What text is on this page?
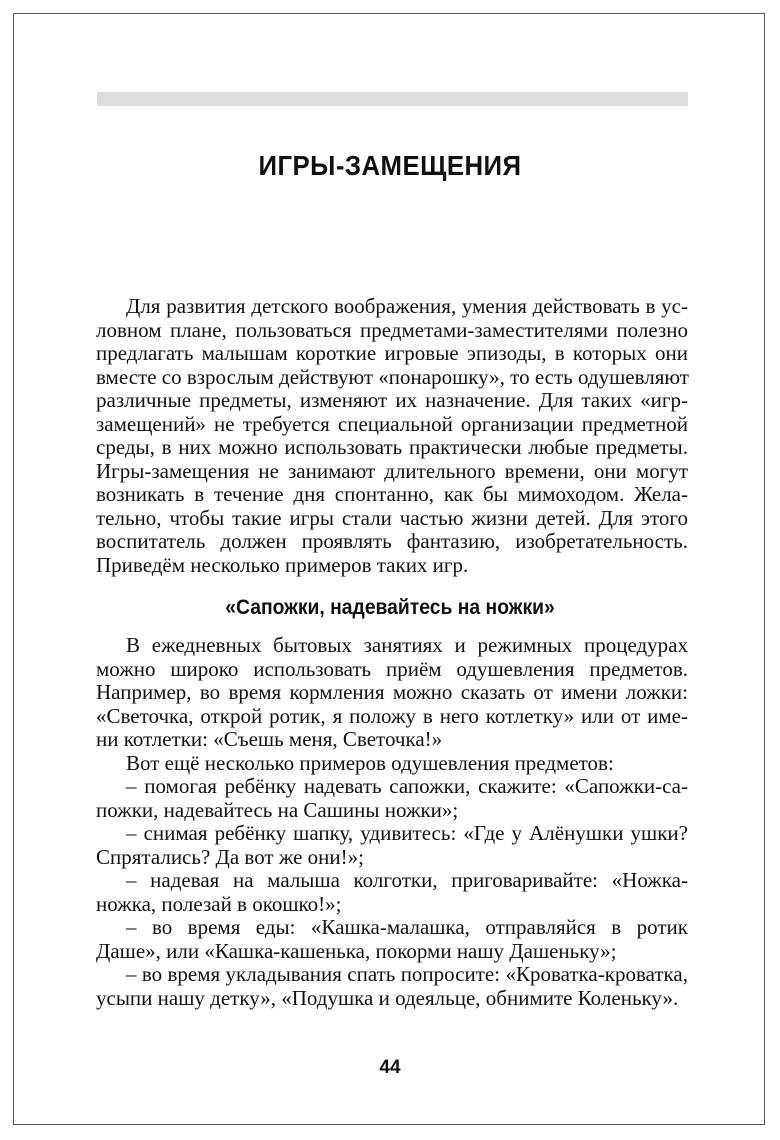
ИГРЫ-ЗАМЕЩЕНИЯ
Для развития детского воображения, умения действовать в ус-
ловном плане, пользоваться предметами-заместителями полезно
предлагать малышам короткие игровые эпизоды, в которых они
вместе со взрослым действуют «понарошку», то есть одушевляют
различные предметы, изменяют их назначение. Для таких «игр-
замещений» не требуется специальной организации предметной
среды, в них можно использовать практически любые предметы.
Игры-замещения не занимают длительного времени, они могут
возникать в течение дня спонтанно, как бы мимоходом. Жела-
тельно, чтобы такие игры стали частью жизни детей. Для этого
воспитатель должен проявлять фантазию, изобретательность.
Приведём несколько примеров таких игр.
«Сапожки, надевайтесь на ножки»
В ежедневных бытовых занятиях и режимных процедурах
можно широко использовать приём одушевления предметов.
Например, во время кормления можно сказать от имени ложки:
«Светочка, открой ротик, я положу в него котлетку» или от име-
ни котлетки: «Съешь меня, Светочка!»
Вот ещё несколько примеров одушевления предметов:
– помогая ребёнку надевать сапожки, скажите: «Сапожки-са-
пожки, надевайтесь на Сашины ножки»;
– снимая ребёнку шапку, удивитесь: «Где у Алёнушки ушки?
Спрятались? Да вот же они!»;
– надевая на малыша колготки, приговаривайте: «Ножка-
ножка, полезай в окошко!»;
– во время еды: «Кашка-малашка, отправляйся в ротик
Даше», или «Кашка-кашенька, покорми нашу Дашеньку»;
– во время укладывания спать попросите: «Кроватка-кроватка,
усыпи нашу детку», «Подушка и одеяльце, обнимите Коленьку».
44
